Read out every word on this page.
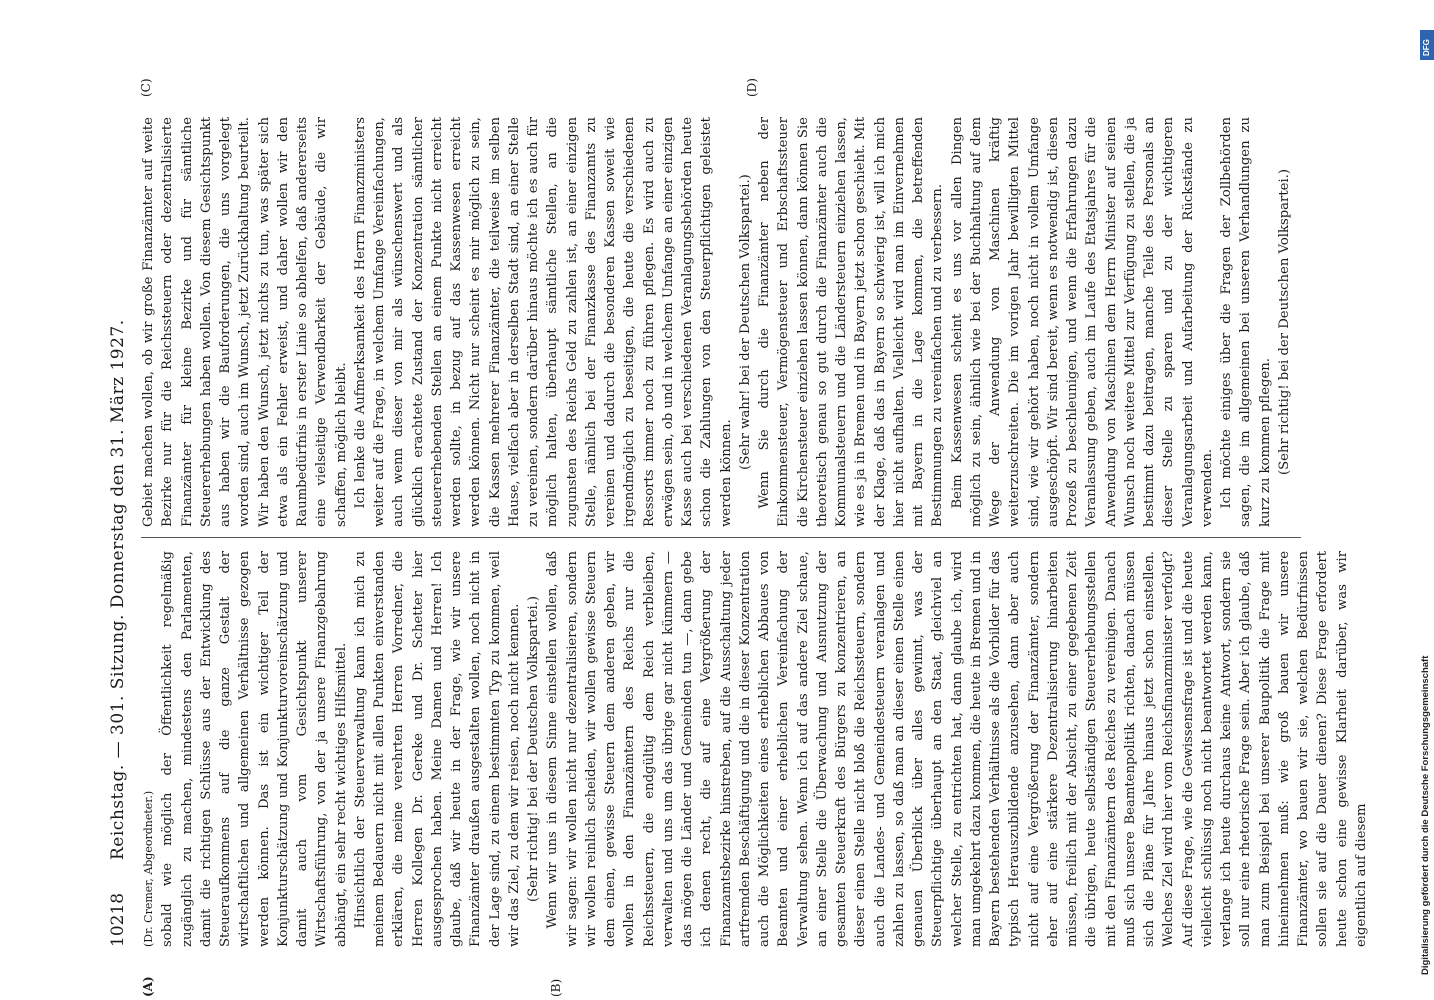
10218
Reichstag. — 301. Sitzung. Donnerstag den 31. März 1927.

(Dr. Cremer, Abgeordneter.) sobald wie möglich der Öffentlichkeit regelmäßig zugänglich zu machen, mindestens den Parlamenten, damit die richtigen Schlüsse aus der Entwicklung des Steueraufkommens auf die ganze Gestalt der wirtschaftlichen und allgemeinen Verhältnisse gezogen werden können. Das ist ein wichtiger Teil der Konjunkturschätzung und Konjunkturvoreinschätzung und damit auch vom Gesichtspunkt unserer Wirtschaftsführung, von der ja unsere Finanzgebahrung abhängt, ein sehr recht wichtiges Hilfsmittel. Hinsichtlich der Steuerverwaltung kann ich mich zu meinem Bedauern nicht mit allen Punkten einverstanden erklären, die meine verehrten Herren Vorredner, die Herren Kollegen Dr. Gereke und Dr. Schetter hier ausgesprochen haben. Meine Damen und Herren! Ich glaube, daß wir heute in der Frage, wie wir unsere Finanzämter draußen ausgestalten wollen, noch nicht in der Lage sind, zu einem bestimmten Typ zu kommen, weil wir das Ziel, zu dem wir reisen, noch nicht kennen. (Sehr richtig! bei der Deutschen Volkspartei.) Wenn wir uns in diesem Sinne einstellen wollen, daß wir sagen: wir wollen nicht nur dezentralisieren, sondern wir wollen reinlich scheiden, wir wollen gewisse Steuern dem einen, gewisse Steuern dem anderen geben, wir wollen in den Finanzämtern des Reichs nur die Reichssteuern, die endgültig dem Reich verbleiben, verwalten und uns um das übrige gar nicht kümmern — das mögen die Länder und Gemeinden tun —, dann gebe ich denen recht, die auf eine Vergrößerung der Finanzamtsbezirke hinstreben, auf die Ausschaltung jeder artfremden Beschäftigung und die in dieser Konzentration auch die Möglichkeiten eines erheblichen Abbaues von Beamten und einer erheblichen Vereinfachung der Verwaltung sehen. Wenn ich auf das andere Ziel schaue, an einer Stelle die Überwachung und Ausnutzung der gesamten Steuerkraft des Bürgers zu konzentrieren, an dieser einen Stelle nicht bloß die Reichssteuern, sondern auch die Landes- und Gemeindesteuern veranlagen und zahlen zu lassen, so daß man an dieser einen Stelle einen genauen Überblick über alles gewinnt, was der Steuerpflichtige überhaupt an den Staat, gleichviel an welcher Stelle, zu entrichten hat, dann glaube ich, wird man umgekehrt dazu kommen, die heute in Bremen und in Bayern bestehenden Verhältnisse als die Vorbilder für das typisch Herauszubildende anzusehen, dann aber auch nicht auf eine Vergrößerung der Finanzämter, sondern eher auf eine stärkere Dezentralisierung hinarbeiten müssen, freilich mit der Absicht, zu einer gegebenen Zeit die übrigen, heute selbständigen Steuererhebungsstellen mit den Finanzämtern des Reiches zu vereinigen. Danach muß sich unsere Beamtenpolitik richten, danach müssen sich die Pläne für Jahre hinaus jetzt schon einstellen. Welches Ziel wird hier vom Reichsfinanzminister verfolgt? Auf diese Frage, wie die Gewissensfrage ist und die heute vielleicht schlüssig noch nicht beantwortet werden kann, verlange ich heute durchaus keine Antwort, sondern sie soll nur eine rhetorische Frage sein. Aber ich glaube, daß man zum Beispiel bei unserer Baupolitik die Frage mit hineinnehmen muß: wie groß bauen wir unsere Finanzämter, wo bauen wir sie, welchen Bedürfnissen sollen sie auf die Dauer dienen? Diese Frage erfordert heute schon eine gewisse Klarheit darüber, was wir eigentlich auf diesem

Gebiet machen wollen, ob wir große Finanzämter auf weite Bezirke nur für die Reichssteuern oder dezentralisierte Finanzämter für kleine Bezirke und für sämtliche Steuererhebungen haben wollen. Von diesem Gesichtspunkt aus haben wir die Bauforderungen, die uns vorgelegt worden sind, auch im Wunsch, jetzt Zurückhaltung beurteilt. Wir haben den Wunsch, jetzt nichts zu tun, was später sich etwa als ein Fehler erweist, und daher wollen wir den Raumbedürfnis in erster Linie so abhelfen, daß andererseits eine vielseitige Verwendbarkeit der Gebäude, die wir schaffen, möglich bleibt. Ich lenke die Aufmerksamkeit des Herrn Finanzministers weiter auf die Frage, in welchem Umfange Vereinfachungen, auch wenn dieser von mir als wünschenswert und als glücklich erachtete Zustand der Konzentration sämtlicher steuererhebenden Stellen an einem Punkte nicht erreicht werden sollte, in bezug auf das Kassenwesen erreicht werden können. Nicht nur scheint es mir möglich zu sein, die Kassen mehrerer Finanzämter, die teilweise im selben Hause, vielfach aber in derselben Stadt sind, an einer Stelle zu vereinen, sondern darüber hinaus möchte ich es auch für möglich halten, überhaupt sämtliche Stellen, an die zugunsten des Reichs Geld zu zahlen ist, an einer einzigen Stelle, nämlich bei der Finanzkasse des Finanzamts zu vereinen und dadurch die besonderen Kassen soweit wie irgendmöglich zu beseitigen, die heute die verschiedenen Ressorts immer noch zu führen pflegen. Es wird auch zu erwägen sein, ob und in welchem Umfange an einer einzigen Kasse auch bei verschiedenen Veranlagungsbehörden heute schon die Zahlungen von den Steuerpflichtigen geleistet werden können.

(Sehr wahr! bei der Deutschen Volkspartei.) Wenn Sie durch die Finanzämter neben der Einkommensteuer, Vermögensteuer und Erbschaftssteuer die Kirchensteuer einziehen lassen können, dann können Sie theoretisch genau so gut durch die Finanzämter auch die Kommunalsteuern und die Ländersteuern einziehen lassen, wie es ja in Bremen und in Bayern jetzt schon geschieht. Mit der Klage, daß das in Bayern so schwierig ist, will ich mich hier nicht aufhalten. Vielleicht wird man im Einvernehmen mit Bayern in die Lage kommen, die betreffenden Bestimmungen zu vereinfachen und zu verbessern. Beim Kassenwesen scheint es uns vor allen Dingen möglich zu sein, ähnlich wie bei der Buchhaltung auf dem Wege der Anwendung von Maschinen kräftig weiterzuschreiten. Die im vorigen Jahr bewilligten Mittel sind, wie wir gehört haben, noch nicht in vollem Umfange ausgeschöpft. Wir sind bereit, wenn es notwendig ist, diesen Prozeß zu beschleunigen, und wenn die Erfahrungen dazu Veranlassung geben, auch im Laufe des Etatsjahres für die Anwendung von Maschinen dem Herrn Minister auf seinen Wunsch noch weitere Mittel zur Verfügung zu stellen, die ja bestimmt dazu beitragen, manche Teile des Personals an dieser Stelle zu sparen und zu der wichtigeren Veranlagungsarbeit und Aufarbeitung der Rückstände zu verwenden. Ich möchte einiges über die Fragen der Zollbehörden sagen, die im allgemeinen bei unseren Verhandlungen zu kurz zu kommen pflegen. (Sehr richtig! bei der Deutschen Volkspartei.)

(A)	(B)
(C)	(D)
DFG
Digitalisierung gefördert durch die Deutsche Forschungsgemeinschaft
